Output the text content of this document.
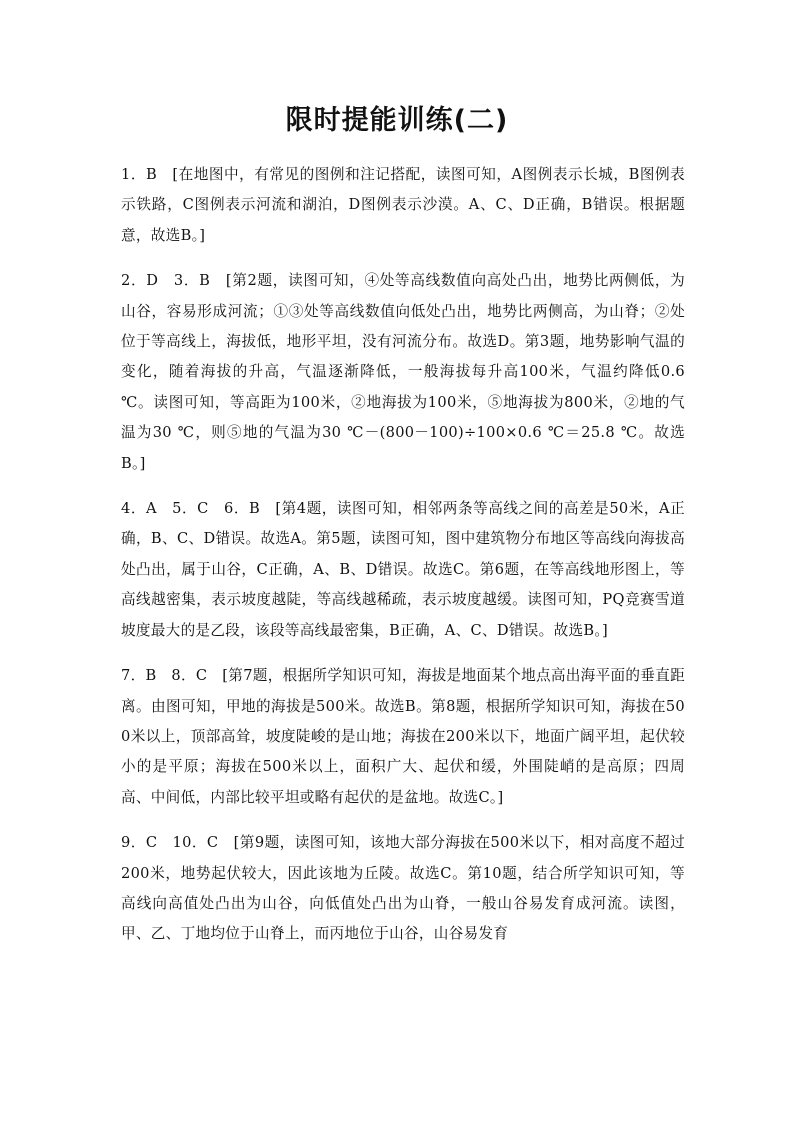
限时提能训练(二)

1．B　[在地图中，有常见的图例和注记搭配，读图可知，A图例表示长城，B图例表示铁路，C图例表示河流和湖泊，D图例表示沙漠。A、C、D正确，B错误。根据题意，故选B。]

2．D　3．B　[第2题，读图可知，④处等高线数值向高处凸出，地势比两侧低，为山谷，容易形成河流；①③处等高线数值向低处凸出，地势比两侧高，为山脊；②处位于等高线上，海拔低，地形平坦，没有河流分布。故选D。第3题，地势影响气温的变化，随着海拔的升高，气温逐渐降低，一般海拔每升高100米，气温约降低0.6 ℃。读图可知，等高距为100米，②地海拔为100米，⑤地海拔为800米，②地的气温为30 ℃，则⑤地的气温为30 ℃－(800－100)÷100×0.6 ℃＝25.8 ℃。故选B。]

4．A　5．C　6．B　[第4题，读图可知，相邻两条等高线之间的高差是50米，A正确，B、C、D错误。故选A。第5题，读图可知，图中建筑物分布地区等高线向海拔高处凸出，属于山谷，C正确，A、B、D错误。故选C。第6题，在等高线地形图上，等高线越密集，表示坡度越陡，等高线越稀疏，表示坡度越缓。读图可知，PQ竞赛雪道坡度最大的是乙段，该段等高线最密集，B正确，A、C、D错误。故选B。]

7．B　8．C　[第7题，根据所学知识可知，海拔是地面某个地点高出海平面的垂直距离。由图可知，甲地的海拔是500米。故选B。第8题，根据所学知识可知，海拔在500米以上，顶部高耸，坡度陡峻的是山地；海拔在200米以下，地面广阔平坦，起伏较小的是平原；海拔在500米以上，面积广大、起伏和缓，外围陡峭的是高原；四周高、中间低，内部比较平坦或略有起伏的是盆地。故选C。]

9．C　10．C　[第9题，读图可知，该地大部分海拔在500米以下，相对高度不超过200米，地势起伏较大，因此该地为丘陵。故选C。第10题，结合所学知识可知，等高线向高值处凸出为山谷，向低值处凸出为山脊，一般山谷易发育成河流。读图，甲、乙、丁地均位于山脊上，而丙地位于山谷，山谷易发育
